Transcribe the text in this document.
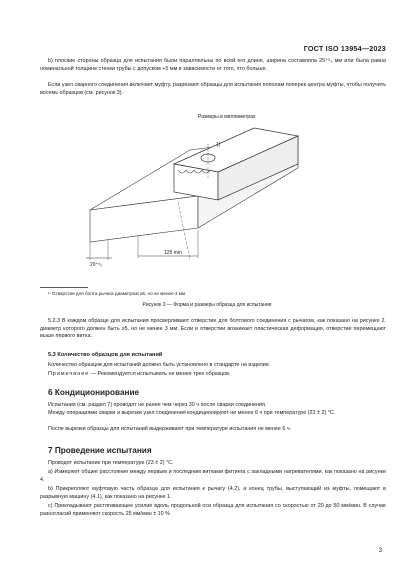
ГОСТ ISO 13954—2023

b) плоские стороны образца для испытания были параллельны по всей его длине, ширина составляла 25⁺⁵₀ мм или была равна номинальной толщине стенки трубы с допуском +5 мм в зависимости от того, что больше.

Если узел сварного соединения включает муфту, разрезают образцы для испытания пополам поперек центра муфты, чтобы получить восемь образцов (см. рисунок 3).

Размеры в миллиметрах
1)
125 min
20⁺⁵₀
¹⁾ Отверстие для болта рычага диаметром ≥5, но не менее 3 мм.
Рисунок 3 — Форма и размеры образца для испытания

5.2.3 В каждом образце для испытания просверливают отверстие для болтового соединения с рычагом, как показано на рисунке 2, диаметр которого должен быть ≥5, но не менее 3 мм. Если в отверстии возникает пластическая деформация, отверстие перемещают выше первого витка.

5.3 Количество образцов для испытаний

Количество образцов для испытаний должно быть установлено в стандарте на изделие.

Примечание — Рекомендуется испытывать не менее трех образцов.

6 Кондиционирование

Испытания (см. раздел 7) проводят не ранее чем через 30 ч после сварки соединения.

Между операциями сварки и вырезки узел соединения кондиционируют не менее 6 ч при температуре (23 ± 2) °С.

После вырезки образцы для испытаний выдерживают при температуре испытания не менее 6 ч.

7 Проведение испытания

Проводят испытание при температуре (23 ± 2) °С.

а) Измеряют общее расстояние между первым и последним витками фитинга с закладными нагревателями, как показано на рисунке 4.

b) Прикрепляют муфтовую часть образца для испытания к рычагу (4.2), а конец трубы, выступающий из муфты, помещают в разрывную машину (4.1), как показано на рисунке 1.

c) Прикладывают растягивающее усилие вдоль продольной оси образца для испытания со скоростью от 20 до 50 мм/мин. В случае разногласий применяют скорость 25 мм/мин ± 10 %

3
